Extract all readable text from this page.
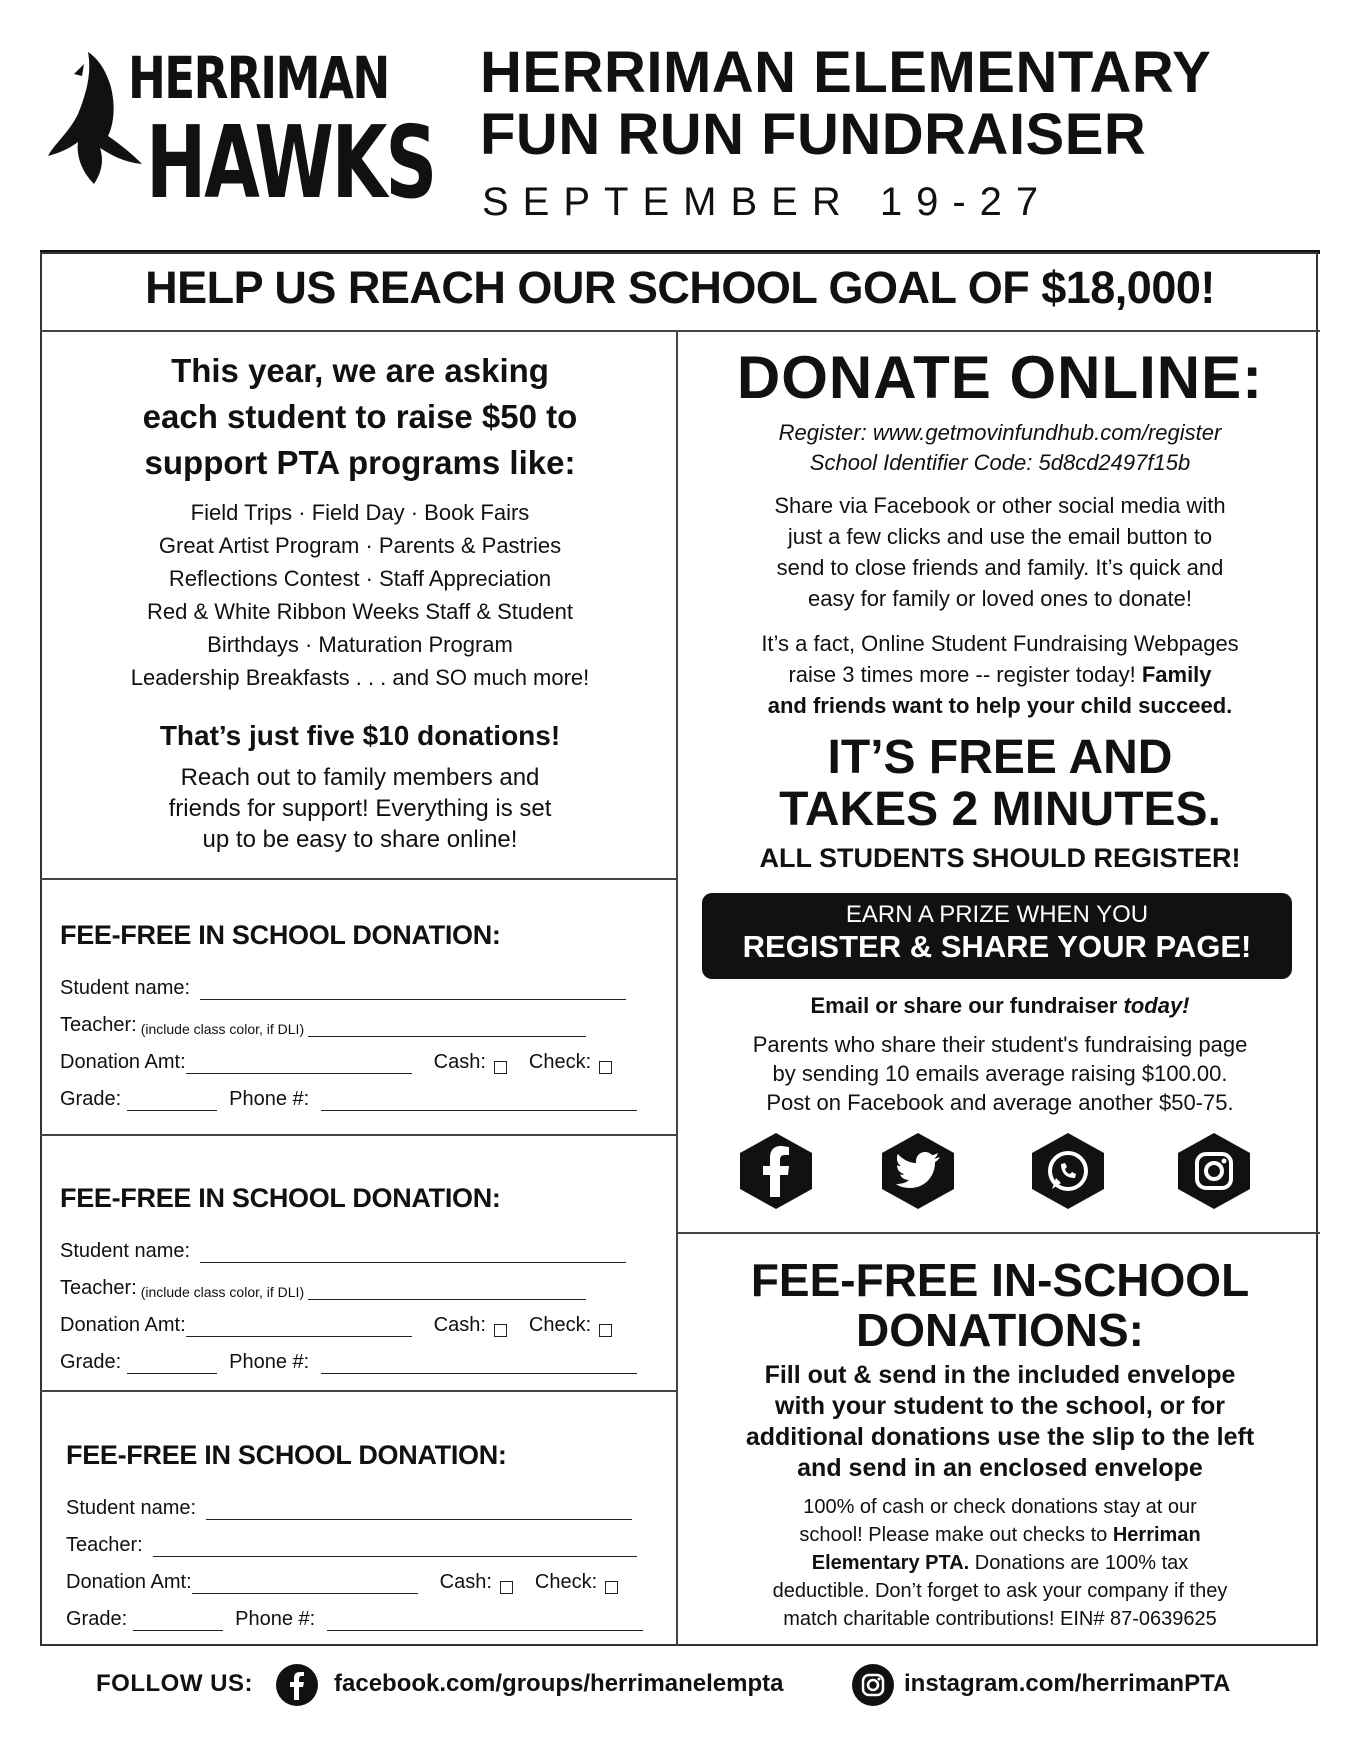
HERRIMAN
HAWKS
HERRIMAN ELEMENTARY
FUN RUN FUNDRAISER
SEPTEMBER 19-27
HELP US REACH OUR SCHOOL GOAL OF $18,000!
This year, we are asking
each student to raise $50 to
support PTA programs like:
Field Trips · Field Day · Book Fairs
Great Artist Program · Parents & Pastries
Reflections Contest · Staff Appreciation
Red & White Ribbon Weeks Staff & Student
Birthdays · Maturation Program
Leadership Breakfasts . . . and SO much more!
That’s just five $10 donations!
Reach out to family members and
friends for support! Everything is set
up to be easy to share online!
FEE-FREE IN SCHOOL DONATION:
Student name:
Teacher: (include class color, if DLI)
Donation Amt:	Cash: Check:
Grade:	Phone #:
FEE-FREE IN SCHOOL DONATION:
Student name:
Teacher: (include class color, if DLI)
Donation Amt:	Cash: Check:
Grade:	Phone #:
FEE-FREE IN SCHOOL DONATION:
Student name:
Teacher:
Donation Amt:	Cash: Check:
Grade:	Phone #:
DONATE ONLINE:
Register: www.getmovinfundhub.com/register
School Identifier Code: 5d8cd2497f15b
Share via Facebook or other social media with
just a few clicks and use the email button to
send to close friends and family. It’s quick and
easy for family or loved ones to donate!
It’s a fact, Online Student Fundraising Webpages
raise 3 times more -- register today! Family
and friends want to help your child succeed.
IT’S FREE AND
TAKES 2 MINUTES.
ALL STUDENTS SHOULD REGISTER!
EARN A PRIZE WHEN YOU
REGISTER & SHARE YOUR PAGE!
Email or share our fundraiser today!
Parents who share their student's fundraising page
by sending 10 emails average raising $100.00.
Post on Facebook and average another $50-75.
FEE-FREE IN-SCHOOL
DONATIONS:
Fill out & send in the included envelope
with your student to the school, or for
additional donations use the slip to the left
and send in an enclosed envelope
100% of cash or check donations stay at our
school! Please make out checks to Herriman
Elementary PTA. Donations are 100% tax
deductible. Don’t forget to ask your company if they
match charitable contributions! EIN# 87-0639625
FOLLOW US:	facebook.com/groups/herrimanelempta	instagram.com/herrimanPTA
